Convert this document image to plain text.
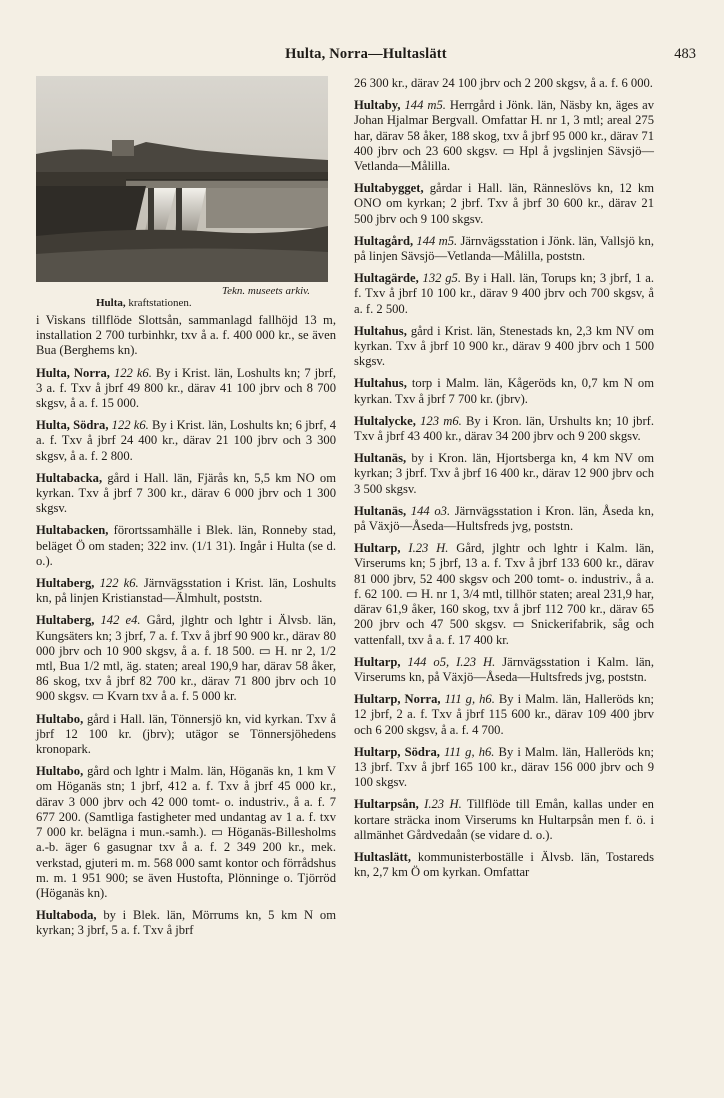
Hulta, Norra—Hultaslätt	483
Tekn. museets arkiv.
Hulta, kraftstationen.

i Viskans tillflöde Slottsån, sammanlagd fallhöjd 13 m, installation 2 700 turbinhkr, txv å a. f. 400 000 kr., se även Bua (Berghems kn).

Hulta, Norra, 122 k6. By i Krist. län, Loshults kn; 7 jbrf, 3 a. f. Txv å jbrf 49 800 kr., därav 41 100 jbrv och 8 700 skgsv, å a. f. 15 000.

Hulta, Södra, 122 k6. By i Krist. län, Loshults kn; 6 jbrf, 4 a. f. Txv å jbrf 24 400 kr., därav 21 100 jbrv och 3 300 skgsv, å a. f. 2 800.

Hultabacka, gård i Hall. län, Fjärås kn, 5,5 km NO om kyrkan. Txv å jbrf 7 300 kr., därav 6 000 jbrv och 1 300 skgsv.

Hultabacken, förortssamhälle i Blek. län, Ronneby stad, beläget Ö om staden; 322 inv. (1/1 31). Ingår i Hulta (se d. o.).

Hultaberg, 122 k6. Järnvägsstation i Krist. län, Loshults kn, på linjen Kristianstad—Älmhult, poststn.

Hultaberg, 142 e4. Gård, jlghtr och lghtr i Älvsb. län, Kungsäters kn; 3 jbrf, 7 a. f. Txv å jbrf 90 900 kr., därav 80 000 jbrv och 10 900 skgsv, å a. f. 18 500. ▭ H. nr 2, 1/2 mtl, Bua 1/2 mtl, äg. staten; areal 190,9 har, därav 58 åker, 86 skog, txv å jbrf 82 700 kr., därav 71 800 jbrv och 10 900 skgsv. ▭ Kvarn txv å a. f. 5 000 kr.

Hultabo, gård i Hall. län, Tönnersjö kn, vid kyrkan. Txv å jbrf 12 100 kr. (jbrv); utägor se Tönnersjöhedens kronopark.

Hultabo, gård och lghtr i Malm. län, Höganäs kn, 1 km V om Höganäs stn; 1 jbrf, 412 a. f. Txv å jbrf 45 000 kr., därav 3 000 jbrv och 42 000 tomt- o. industriv., å a. f. 7 677 200. (Samtliga fastigheter med undantag av 1 a. f. txv 7 000 kr. belägna i mun.-samh.). ▭ Höganäs-Billesholms a.-b. äger 6 gasugnar txv å a. f. 2 349 200 kr., mek. verkstad, gjuteri m. m. 568 000 samt kontor och förrådshus m. m. 1 951 900; se även Hustofta, Plönninge o. Tjörröd (Höganäs kn).

Hultaboda, by i Blek. län, Mörrums kn, 5 km N om kyrkan; 3 jbrf, 5 a. f. Txv å jbrf

26 300 kr., därav 24 100 jbrv och 2 200 skgsv, å a. f. 6 000.

Hultaby, 144 m5. Herrgård i Jönk. län, Näsby kn, äges av Johan Hjalmar Bergvall. Omfattar H. nr 1, 3 mtl; areal 275 har, därav 58 åker, 188 skog, txv å jbrf 95 000 kr., därav 71 400 jbrv och 23 600 skgsv. ▭ Hpl å jvgslinjen Sävsjö—Vetlanda—Målilla.

Hultabygget, gårdar i Hall. län, Ränneslövs kn, 12 km ONO om kyrkan; 2 jbrf. Txv å jbrf 30 600 kr., därav 21 500 jbrv och 9 100 skgsv.

Hultagård, 144 m5. Järnvägsstation i Jönk. län, Vallsjö kn, på linjen Sävsjö—Vetlanda—Målilla, poststn.

Hultagärde, 132 g5. By i Hall. län, Torups kn; 3 jbrf, 1 a. f. Txv å jbrf 10 100 kr., därav 9 400 jbrv och 700 skgsv, å a. f. 2 500.

Hultahus, gård i Krist. län, Stenestads kn, 2,3 km NV om kyrkan. Txv å jbrf 10 900 kr., därav 9 400 jbrv och 1 500 skgsv.

Hultahus, torp i Malm. län, Kågeröds kn, 0,7 km N om kyrkan. Txv å jbrf 7 700 kr. (jbrv).

Hultalycke, 123 m6. By i Kron. län, Urshults kn; 10 jbrf. Txv å jbrf 43 400 kr., därav 34 200 jbrv och 9 200 skgsv.

Hultanäs, by i Kron. län, Hjortsberga kn, 4 km NV om kyrkan; 3 jbrf. Txv å jbrf 16 400 kr., därav 12 900 jbrv och 3 500 skgsv.

Hultanäs, 144 o3. Järnvägsstation i Kron. län, Åseda kn, på Växjö—Åseda—Hultsfreds jvg, poststn.

Hultarp, I.23 H. Gård, jlghtr och lghtr i Kalm. län, Virserums kn; 5 jbrf, 13 a. f. Txv å jbrf 133 600 kr., därav 81 000 jbrv, 52 400 skgsv och 200 tomt- o. industriv., å a. f. 62 100. ▭ H. nr 1, 3/4 mtl, tillhör staten; areal 231,9 har, därav 61,9 åker, 160 skog, txv å jbrf 112 700 kr., därav 65 200 jbrv och 47 500 skgsv. ▭ Snickerifabrik, såg och vattenfall, txv å a. f. 17 400 kr.

Hultarp, 144 o5, I.23 H. Järnvägsstation i Kalm. län, Virserums kn, på Växjö—Åseda—Hultsfreds jvg, poststn.

Hultarp, Norra, 111 g, h6. By i Malm. län, Halleröds kn; 12 jbrf, 2 a. f. Txv å jbrf 115 600 kr., därav 109 400 jbrv och 6 200 skgsv, å a. f. 4 700.

Hultarp, Södra, 111 g, h6. By i Malm. län, Halleröds kn; 13 jbrf. Txv å jbrf 165 100 kr., därav 156 000 jbrv och 9 100 skgsv.

Hultarpsån, I.23 H. Tillflöde till Emån, kallas under en kortare sträcka inom Virserums kn Hultarpsån men f. ö. i allmänhet Gårdvedaån (se vidare d. o.).

Hultaslätt, kommunisterboställe i Älvsb. län, Tostareds kn, 2,7 km Ö om kyrkan. Omfattar
